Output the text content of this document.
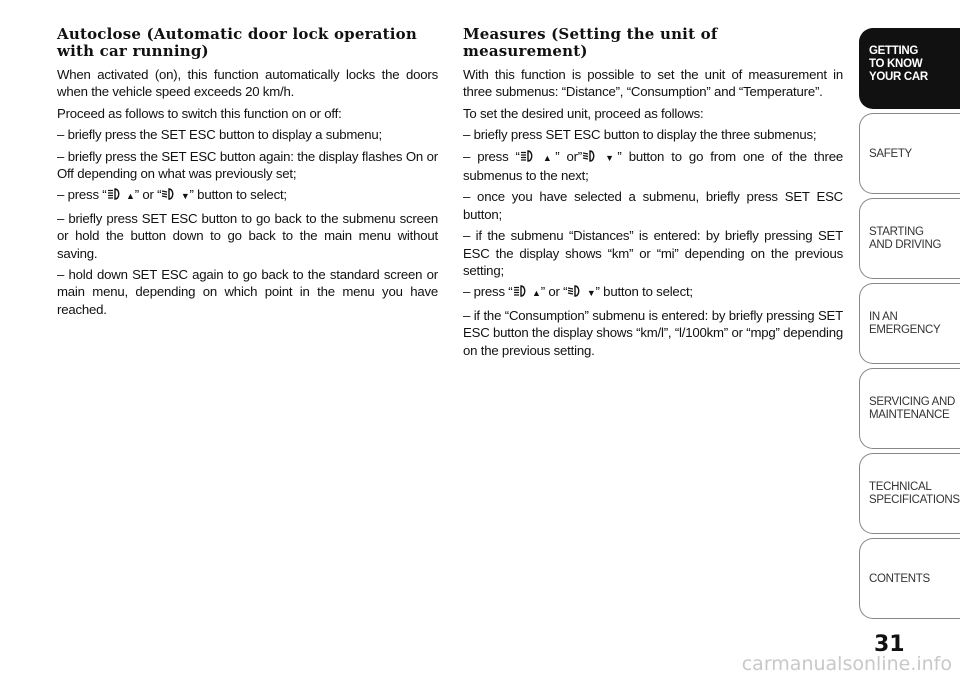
Autoclose (Automatic door lock operation with car running)

When activated (on), this function automatically locks the doors when the vehicle speed exceeds 20 km/h.

Proceed as follows to switch this function on or off:

– briefly press the SET ESC button to display a submenu;

– briefly press the SET ESC button again: the display flashes On or Off depending on what was previously set;

– press “ ▲” or “ ▼” button to select;

– briefly press SET ESC button to go back to the submenu screen or hold the button down to go back to the main menu without saving.

– hold down SET ESC again to go back to the standard screen or main menu, depending on which point in the menu you have reached.

Measures (Setting the unit of measurement)

With this function is possible to set the unit of measurement in three submenus: “Distance”, “Consumption” and “Temperature”.

To set the desired unit, proceed as follows:

– briefly press SET ESC button to display the three submenus;

– press “	▲” or”	▼” button to go from one of the three submenus to the next;

– once you have selected a submenu, briefly press SET ESC button;

– if the submenu “Distances” is entered: by briefly pressing SET ESC the display shows “km” or “mi” depending on the previous setting;

– press “ ▲” or “ ▼” button to select;

– if the “Consumption” submenu is entered: by briefly pressing SET ESC button the display shows “km/l”, “l/100km” or “mpg” depending on the previous setting.

GETTING
TO KNOW
YOUR CAR
SAFETY
STARTING
AND DRIVING
IN AN
EMERGENCY
SERVICING AND
MAINTENANCE
TECHNICAL
SPECIFICATIONS
CONTENTS
31
carmanualsonline.info
